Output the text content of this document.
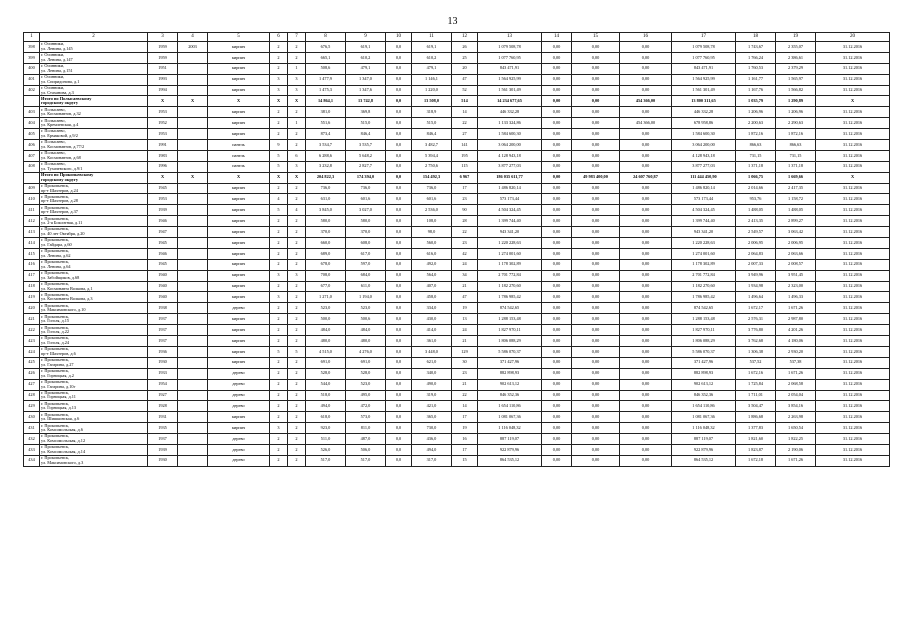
13
1	2	3	4	5	6	7	8	9	10	11	12	13	14	15	16	17	18	19	20
398	г. Осинники,
ул. Ленина, д.145	1959	2003	кирпич	2	2	676,5	619,1	0,0	619,1	26	1 079 508,78	0,00	0,00	0,00	1 079 508,78	1 743,67	2 355,07	31.12.2016
399	г. Осинники,
ул. Ленина, д.147	1959		кирпич	2	2	665,1	610,2	0,0	610,2	25	1 077 760,95	0,00	0,00	0,00	1 077 760,95	1 766,24	2 386,61	31.12.2016
400	г. Осинники,
ул. Ленина, д.151	1951		кирпич	2	1	508,6	479,1	0,0	479,1	20	843 471,91	0,00	0,00	0,00	843 471,91	1 760,53	2 379,29	31.12.2016
401	г. Осинники,
ул. Спиридонова, д.1	1993		кирпич	3	3	1 477,9	1 347,0	0,0	1 146,1	47	1 564 925,99	0,00	0,00	0,00	1 564 925,99	1 161,77	1 565,97	31.12.2016
402	г. Осинники,
ул. Стаханова, д.3	1994		кирпич	3	3	1 475,3	1 347,6	0,0	1 220,0	52	1 561 301,49	0,00	0,00	0,00	1 561 301,49	1 167,76	1 566,82	31.12.2016
	Итого по Полысаевскому
городскому округу	X	X	X	X	X	14 864,1	13 742,8	0,0	13 508,0	514	14 234 677,65	0,00	0,00	454 366,00	13 800 311,65	1 035,79	1 290,89	X
403	г. Полысаево,
ул. Космонавтов, д.32	1953		кирпич	2	2	381,0	369,8	0,0	318,9	14	446 332,28	0,00	0,00	0,00	446 332,28	1 206,96	1 206,96	31.12.2016
404	г. Полысаево,
ул. Кремлевская, д.4	1952		кирпич	2	1	551,6	515,0	0,0	515,0	22	1 133 324,86	0,00	0,00	454 366,00	678 958,86	2 200,63	2 290,63	31.12.2016
405	г. Полысаево,
ул. Ермаковой, д.9/2	1953		кирпич	2	2	873,4	846,4	0,0	846,4	27	1 584 600,30	0,00	0,00	0,00	1 584 600,30	1 872,16	1 872,16	31.12.2016
406	г. Полысаево,
ул. Космонавтов, д.77/2	1991		панель	9	2	3 534,7	3 535,7	0,0	3 482,7	141	3 064 200,00	0,00	0,00	0,00	3 064 200,00	866,63	866,63	31.12.2016
407	г. Полысаево,
ул. Космонавтов, д.68	1983		панель	5	6	6 288,6	5 648,2	0,0	5 394,4	195	4 128 943,18	0,00	0,00	0,00	4 128 943,18	731,15	731,15	31.12.2016
408	г. Полысаево,
ул. Тухачевского, д.9/1	1996		панель	5	3	3 232,8	2 827,7	0,0	2 750,6	115	3 877 277,03	0,00	0,00	0,00	3 877 277,03	1 371,18	1 371,18	31.12.2016
	Итого по Прокопьевскому
городскому округу	X	X	X	X	X	204 822,3	174 394,0	0,0	154 492,3	6 967	186 035 611,77	0,00	49 983 400,00	24 607 760,87	111 444 450,90	1 066,75	1 669,66	X
409	г. Прокопьевск,
пр-т Шахтеров, д.24	1945		кирпич	2	2	736,0	736,0	0,0	736,0	17	1 486 820,14	0,00	0,00	0,00	1 486 820,14	2 014,66	2 417,35	31.12.2016
410	г. Прокопьевск,
пр-т Шахтеров, д.28	1953		кирпич	4	2	631,0	601,6	0,0	601,6	23	573 173,44	0,00	0,00	0,00	573 173,44	953,76	1 158,72	31.12.2016
411	г. Прокопьевск,
пр-т Шахтеров, д.37	1939		кирпич	5	4	3 845,0	3 027,0	0,0	2 536,0	90	4 504 324,45	0,00	0,00	0,00	4 504 324,45	1 488,05	1 488,05	31.12.2016
412	г. Прокопьевск,
ул. 2-я Бокситная, д.11	1946		кирпич	2	2	580,0	580,0	0,0	108,0	28	1 399 744,40	0,00	0,00	0,00	1 399 744,40	2 413,35	2 899,27	31.12.2016
413	г. Прокопьевск,
ул. 40 лет Октября, д.20	1947		кирпич	2	2	370,0	370,0	0,0	98,0	22	943 341,20	0,00	0,00	0,00	943 341,20	2 549,57	3 063,42	31.12.2016
414	г. Прокопьевск,
ул. Гайдара, д.60	1945		кирпич	2	2	660,0	608,0	0,0	560,0	23	1 220 228,63	0,00	0,00	0,00	1 220 228,63	2 006,95	2 006,95	31.12.2016
415	г. Прокопьевск,
ул. Ленина, д.62	1946		кирпич	2	2	689,0	617,0	0,0	616,0	42	1 274 001,60	0,00	0,00	0,00	1 274 001,60	2 064,83	2 063,66	31.12.2016
416	г. Прокопьевск,
ул. Ленина, д.64	1945		кирпич	2	2	678,0	597,0	0,0	492,0	24	1 178 302,89	0,00	0,00	0,00	1 178 302,89	2 007,33	2 008,57	31.12.2016
417	г. Прокопьевск,
ул. Забойщиков, д.68	1940		кирпич	3	3	708,0	684,0	0,0	564,0	34	2 701 772,84	0,00	0,00	0,00	2 701 772,84	3 949,96	3 951,45	31.12.2016
418	г. Прокопьевск,
ул. Космонавта Волкова, д.1	1940		кирпич	2	2	677,0	611,0	0,0	407,0	21	1 182 270,60	0,00	0,00	0,00	1 182 270,60	1 934,98	2 323,00	31.12.2016
419	г. Прокопьевск,
ул. Космонавта Волкова, д.3	1940		кирпич	3	2	1 271,0	1 194,0	0,0	458,0	47	1 786 985,42	0,00	0,00	0,00	1 786 985,42	1 496,64	1 496,33	31.12.2016
420	г. Прокопьевск,
ул. Максимовского, д.10	1938		дерево	2	2	523,0	523,0	0,0	334,0	19	874 542,65	0,00	0,00	0,00	874 542,65	1 672,17	1 671,26	31.12.2016
421	г. Прокопьевск,
ул. Гоголя, д.15	1937		кирпич	2	2	500,0	500,6	0,0	430,0	13	1 288 153,48	0,00	0,00	0,00	1 288 153,48	2 576,31	2 987,80	31.12.2016
422	г. Прокопьевск,
ул. Гоголя, д.22	1937		кирпич	2	2	484,0	484,0	0,0	414,0	24	1 827 970,11	0,00	0,00	0,00	1 827 970,11	3 776,80	4 201,26	31.12.2016
423	г. Прокопьевск,
ул. Гоголя, д.24	1937		кирпич	2	2	480,0	480,0	0,0	361,0	21	1 806 088,29	0,00	0,00	0,00	1 806 088,29	3 762,68	4 180,06	31.12.2016
424	г. Прокопьевск,
пр-т Шахтеров, д.6	1936		кирпич	5	5	4 515,0	4 276,0	0,0	3 448,0	129	5 586 070,37	0,00	0,00	0,00	5 586 070,37	1 306,38	2 930,20	31.12.2016
425	г. Прокопьевск,
ул. Гагарина, д.27	1930		кирпич	2	2	691,0	691,0	0,0	621,0	30	371 427,96	0,00	0,00	0,00	371 427,96	537,52	537,38	31.12.2016
426	г. Прокопьевск,
ул. Горноцкая, д.2	1933		дерево	2	2	528,0	528,0	0,0	340,0	23	882 898,93	0,00	0,00	0,00	882 898,93	1 672,16	1 671,26	31.12.2016
427	г. Прокопьевск,
ул. Гагарина, д.10г	1954		дерево	2	2	544,0	523,0	0,0	490,0	21	902 613,12	0,00	0,00	0,00	902 613,12	1 725,84	2 068,58	31.12.2016
428	г. Прокопьевск,
ул. Горноцкая, д.11	1927		дерево	2	2	518,0	495,0	0,0	319,0	22	846 352,36	0,00	0,00	0,00	846 352,36	1 711,01	2 054,04	31.12.2016
429	г. Прокопьевск,
ул. Горноцкая, д.13	1928		дерево	2	2	494,0	472,0	0,0	421,0	14	1 654 110,86	0,00	0,00	0,00	1 654 110,86	3 504,47	3 854,16	31.12.2016
430	г. Прокопьевск,
ул. Шишкинская, д.6	1931		кирпич	2	2	618,0	573,0	0,0	365,0	17	1 081 067,36	0,00	0,00	0,00	1 081 067,36	1 886,68	2 263,98	31.12.2016
431	г. Прокопьевск,
ул. Комсомольская, д.6	1935		кирпич	3	2	923,0	811,0	0,0	730,0	19	1 116 048,32	0,00	0,00	0,00	1 116 048,32	1 377,83	1 650,54	31.12.2016
432	г. Прокопьевск,
ул. Комсомольская, д.12	1937		дерево	2	2	511,0	487,0	0,0	436,0	16	887 119,07	0,00	0,00	0,00	887 119,07	1 821,60	1 822,25	31.12.2016
433	г. Прокопьевск,
ул. Комсомольская, д.14	1939		дерево	2	2	526,0	506,0	0,0	494,0	17	922 879,96	0,00	0,00	0,00	922 879,96	1 823,87	2 190,06	31.12.2016
434	г. Прокопьевск,
ул. Максимовского, д.3	1930		дерево	2	2	517,0	517,0	0,0	317,0	15	864 535,12	0,00	0,00	0,00	864 535,12	1 672,18	1 671,26	31.12.2016
